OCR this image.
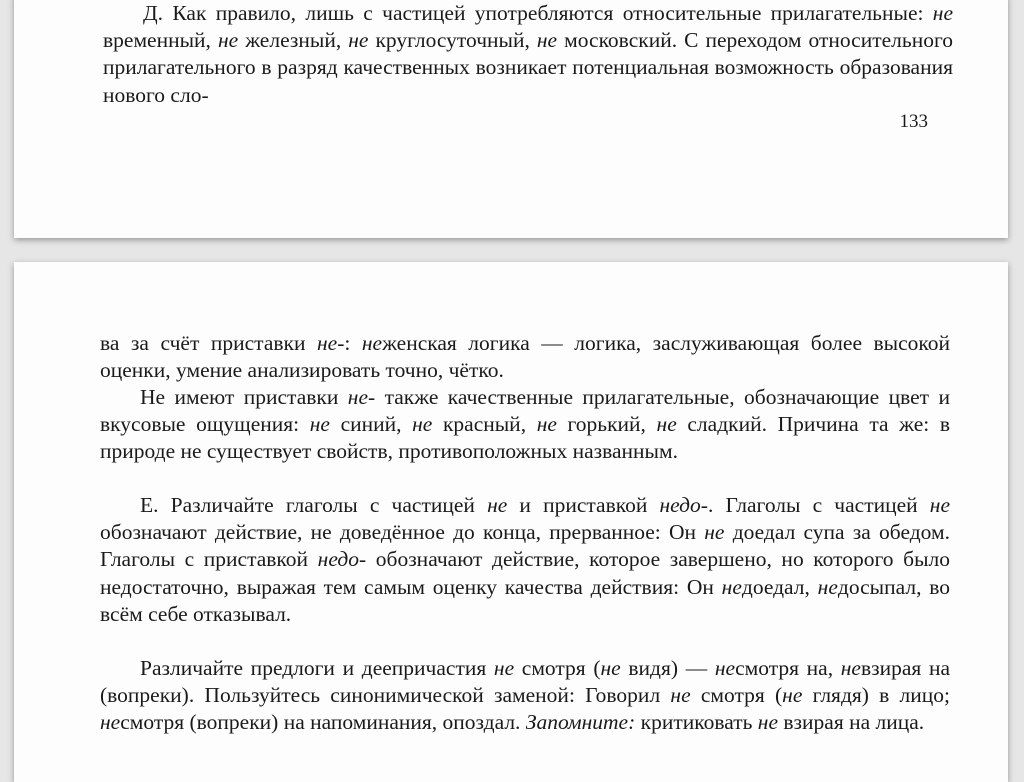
Д. Как правило, лишь с частицей употребляются относительные прилагательные: не временный, не железный, не круглосуточный, не московский. С переходом относительного прилагательного в разряд качественных возникает потенциальная возможность образования нового сло-

133

ва за счёт приставки не-: неженская логика — логика, заслуживающая более высокой оценки, умение анализировать точно, чётко.

Не имеют приставки не- также качественные прилагательные, обозначающие цвет и вкусовые ощущения: не синий, не красный, не горький, не сладкий. Причина та же: в природе не существует свойств, противоположных названным.

Е. Различайте глаголы с частицей не и приставкой недо-. Глаголы с частицей не обозначают действие, не доведённое до конца, прерванное: Он не доедал супа за обедом. Глаголы с приставкой недо- обозначают действие, которое завершено, но которого было недостаточно, выражая тем самым оценку качества действия: Он недоедал, недосыпал, во всём себе отказывал.

Различайте предлоги и деепричастия не смотря (не видя) — несмотря на, невзирая на (вопреки). Пользуйтесь синонимической заменой: Говорил не смотря (не глядя) в лицо; несмотря (вопреки) на напоминания, опоздал. Запомните: критиковать не взирая на лица.
